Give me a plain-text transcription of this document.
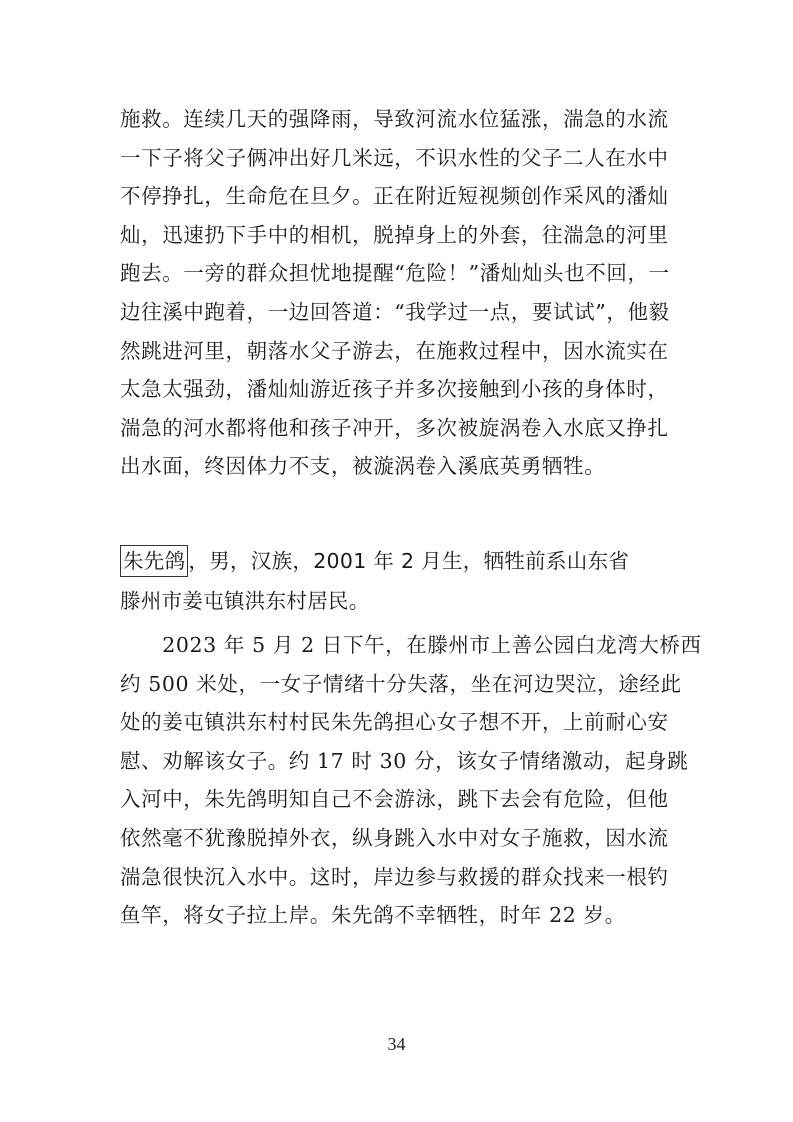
施救。连续几天的强降雨，导致河流水位猛涨，湍急的水流
一下子将父子俩冲出好几米远，不识水性的父子二人在水中
不停挣扎，生命危在旦夕。正在附近短视频创作采风的潘灿
灿，迅速扔下手中的相机，脱掉身上的外套，往湍急的河里
跑去。一旁的群众担忧地提醒“危险！”潘灿灿头也不回，一
边往溪中跑着，一边回答道：“我学过一点，要试试”，他毅
然跳进河里，朝落水父子游去，在施救过程中，因水流实在
太急太强劲，潘灿灿游近孩子并多次接触到小孩的身体时，
湍急的河水都将他和孩子冲开，多次被旋涡卷入水底又挣扎
出水面，终因体力不支，被漩涡卷入溪底英勇牺牲。

朱先鸽 ，男，汉族，2001 年 2 月生，牺牲前系山东省
滕州市姜屯镇洪东村居民。

　　2023 年 5 月 2 日下午，在滕州市上善公园白龙湾大桥西
约 500 米处，一女子情绪十分失落，坐在河边哭泣，途经此
处的姜屯镇洪东村村民朱先鸽担心女子想不开，上前耐心安
慰、劝解该女子。约 17 时 30 分，该女子情绪激动，起身跳
入河中，朱先鸽明知自己不会游泳，跳下去会有危险，但他
依然毫不犹豫脱掉外衣，纵身跳入水中对女子施救，因水流
湍急很快沉入水中。这时，岸边参与救援的群众找来一根钓
鱼竿，将女子拉上岸。朱先鸽不幸牺牲，时年 22 岁。

34
